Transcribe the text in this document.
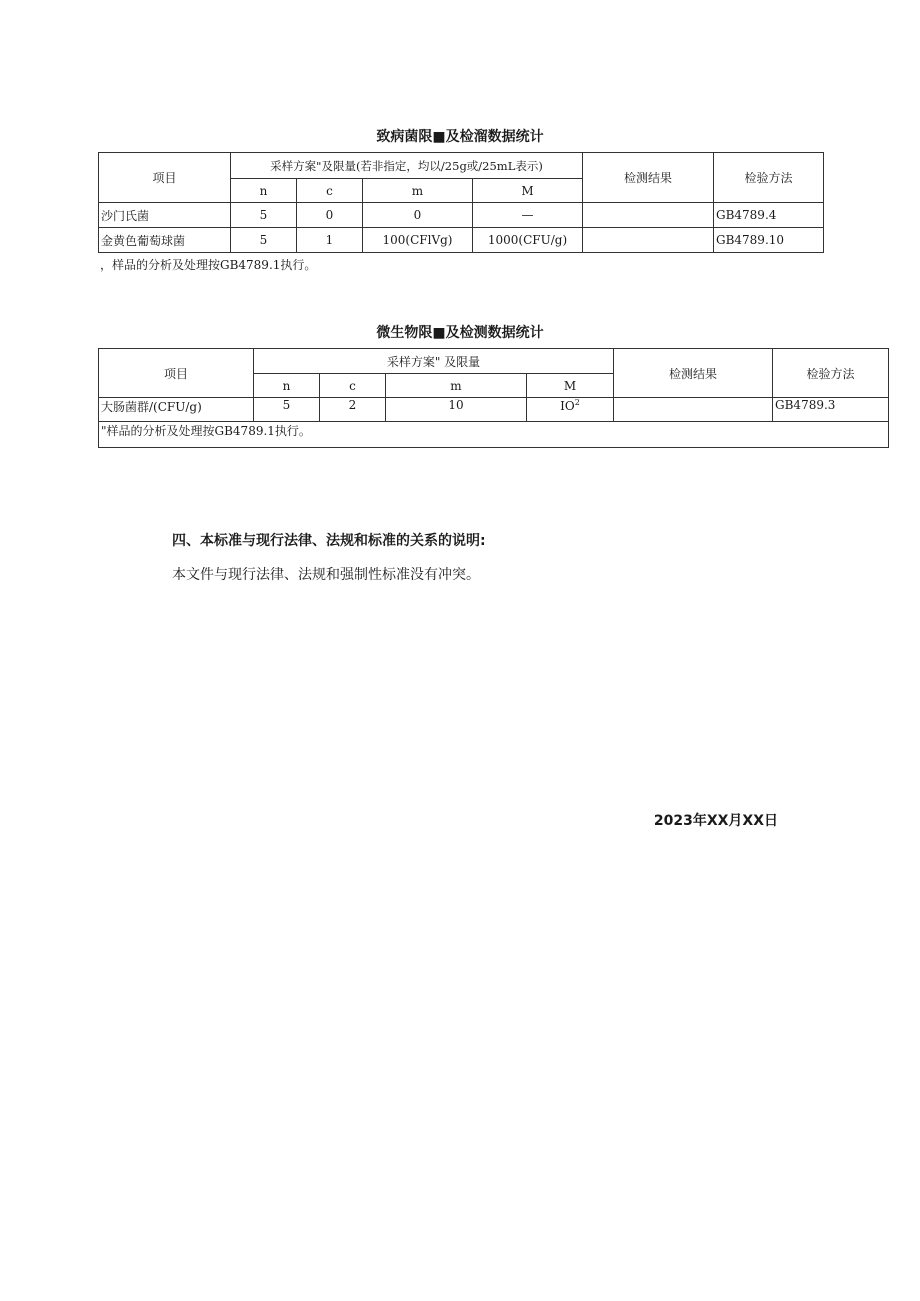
致病菌限■及检溜数据统计
项目	采样方案"及限量(若非指定，均以/25g或/25mL表示)				检测结果	检验方法
	n	c	m	M		
沙门氏菌	5	0	0	—		GB4789.4
金黄色葡萄球菌	5	1	100(CFlVg)	1000(CFU/g)		GB4789.10
，样品的分析及处理按GB4789.1执行。
微生物限■及检测数据统计
项目	采样方案" 及限量				检测结果	检验方法
	n	c	m	M		
大肠菌群/(CFU/g)	5	2	10	$IO^2$		GB4789.3
"样品的分析及处理按GB4789.1执行。						
四、本标准与现行法律、法规和标准的关系的说明:
本文件与现行法律、法规和强制性标准没有冲突。
2023年XX月XX日
